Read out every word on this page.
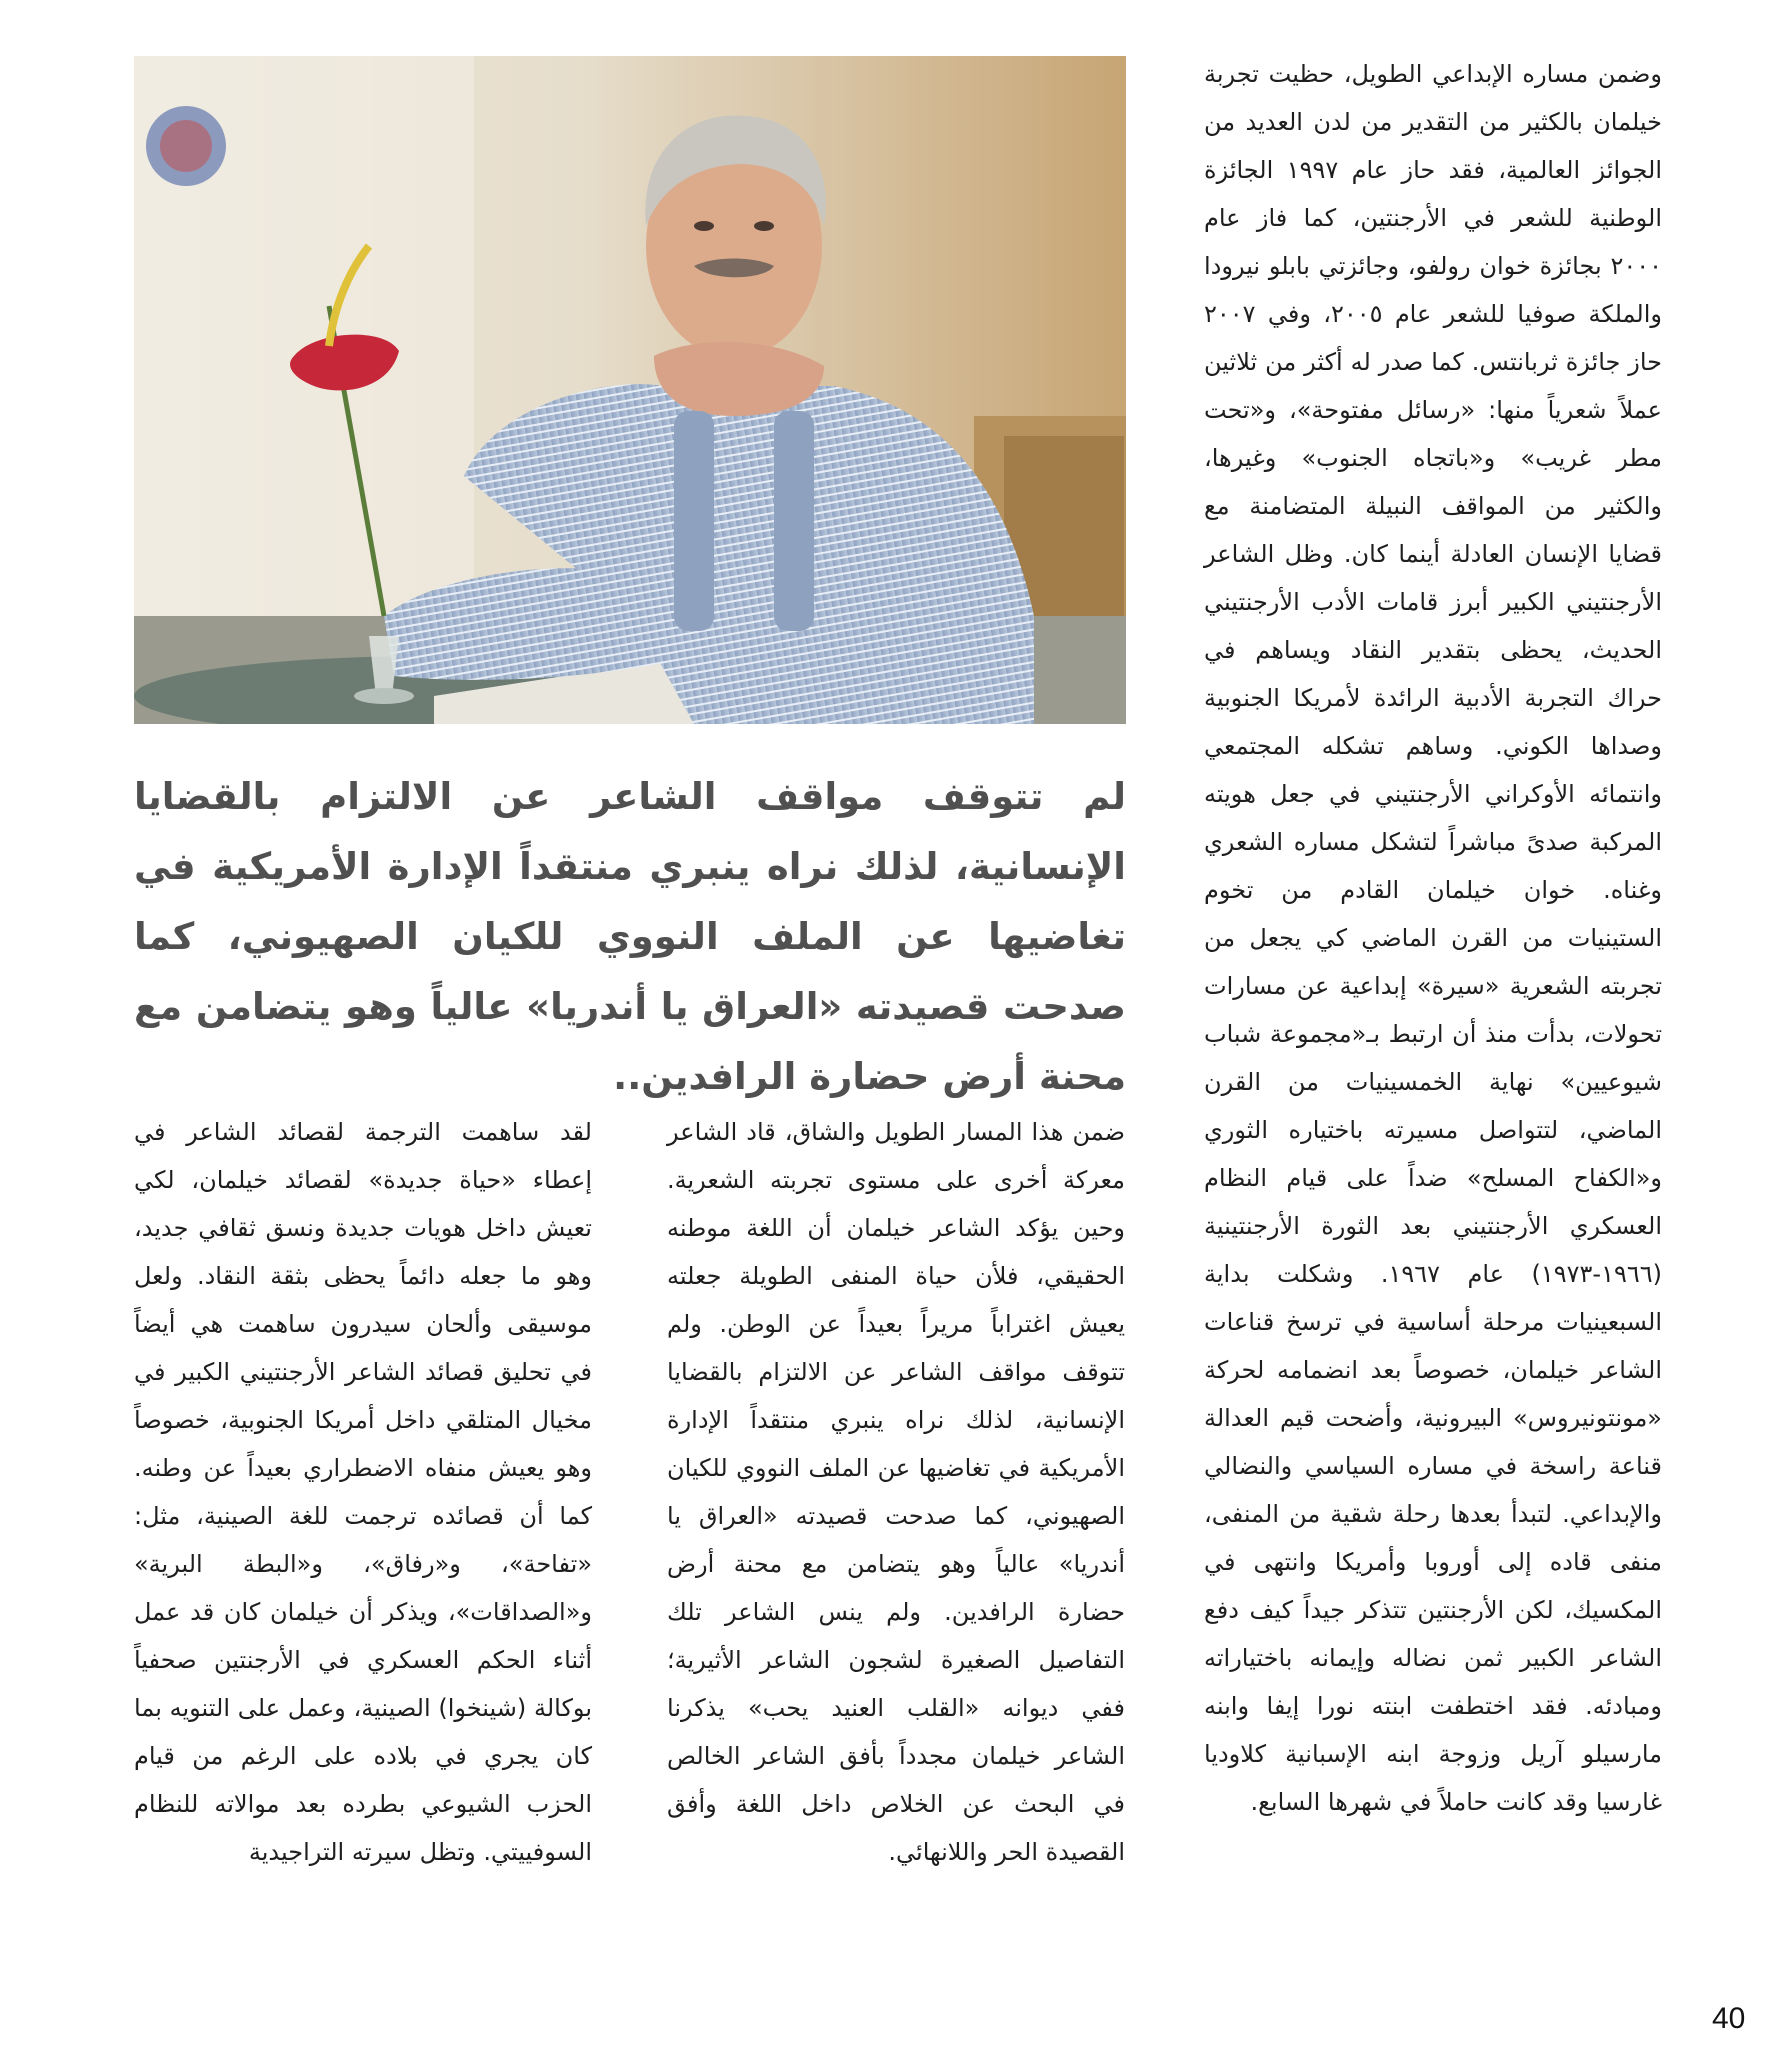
وضمن مساره الإبداعي الطويل، حظيت تجربة خيلمان بالكثير من التقدير من لدن العديد من الجوائز العالمية، فقد حاز عام ١٩٩٧ الجائزة الوطنية للشعر في الأرجنتين، كما فاز عام ٢٠٠٠ بجائزة خوان رولفو، وجائزتي بابلو نيرودا والملكة صوفيا للشعر عام ٢٠٠٥، وفي ٢٠٠٧ حاز جائزة ثربانتس. كما صدر له أكثر من ثلاثين عملاً شعرياً منها: «رسائل مفتوحة»، و«تحت مطر غريب» و«باتجاه الجنوب» وغيرها، والكثير من المواقف النبيلة المتضامنة مع قضايا الإنسان العادلة أينما كان. وظل الشاعر الأرجنتيني الكبير أبرز قامات الأدب الأرجنتيني الحديث، يحظى بتقدير النقاد ويساهم في حراك التجربة الأدبية الرائدة لأمريكا الجنوبية وصداها الكوني. وساهم تشكله المجتمعي وانتمائه الأوكراني الأرجنتيني في جعل هويته المركبة صدىً مباشراً لتشكل مساره الشعري وغناه. خوان خيلمان القادم من تخوم الستينيات من القرن الماضي كي يجعل من تجربته الشعرية «سيرة» إبداعية عن مسارات تحولات، بدأت منذ أن ارتبط بـ«مجموعة شباب شيوعيين» نهاية الخمسينيات من القرن الماضي، لتتواصل مسيرته باختياره الثوري و«الكفاح المسلح» ضداً على قيام النظام العسكري الأرجنتيني بعد الثورة الأرجنتينية (١٩٦٦-١٩٧٣) عام ١٩٦٧. وشكلت بداية السبعينيات مرحلة أساسية في ترسخ قناعات الشاعر خيلمان، خصوصاً بعد انضمامه لحركة «مونتونيروس» البيرونية، وأضحت قيم العدالة قناعة راسخة في مساره السياسي والنضالي والإبداعي. لتبدأ بعدها رحلة شقية من المنفى، منفى قاده إلى أوروبا وأمريكا وانتهى في المكسيك، لكن الأرجنتين تتذكر جيداً كيف دفع الشاعر الكبير ثمن نضاله وإيمانه باختياراته ومبادئه. فقد اختطفت ابنته نورا إيفا وابنه مارسيلو آريل وزوجة ابنه الإسبانية كلاوديا غارسيا وقد كانت حاملاً في شهرها السابع.
لم تتوقف مواقف الشاعر عن الالتزام بالقضايا الإنسانية، لذلك نراه ينبري منتقداً الإدارة الأمريكية في تغاضيها عن الملف النووي للكيان الصهيوني، كما صدحت قصيدته «العراق يا أندريا» عالياً وهو يتضامن مع محنة أرض حضارة الرافدين..
ضمن هذا المسار الطويل والشاق، قاد الشاعر معركة أخرى على مستوى تجربته الشعرية. وحين يؤكد الشاعر خيلمان أن اللغة موطنه الحقيقي، فلأن حياة المنفى الطويلة جعلته يعيش اغتراباً مريراً بعيداً عن الوطن. ولم تتوقف مواقف الشاعر عن الالتزام بالقضايا الإنسانية، لذلك نراه ينبري منتقداً الإدارة الأمريكية في تغاضيها عن الملف النووي للكيان الصهيوني، كما صدحت قصيدته «العراق يا أندريا» عالياً وهو يتضامن مع محنة أرض حضارة الرافدين. ولم ينس الشاعر تلك التفاصيل الصغيرة لشجون الشاعر الأثيرية؛ ففي ديوانه «القلب العنيد يحب» يذكرنا الشاعر خيلمان مجدداً بأفق الشاعر الخالص في البحث عن الخلاص داخل اللغة وأفق القصيدة الحر واللانهائي.
لقد ساهمت الترجمة لقصائد الشاعر في إعطاء «حياة جديدة» لقصائد خيلمان، لكي تعيش داخل هويات جديدة ونسق ثقافي جديد، وهو ما جعله دائماً يحظى بثقة النقاد. ولعل موسيقى وألحان سيدرون ساهمت هي أيضاً في تحليق قصائد الشاعر الأرجنتيني الكبير في مخيال المتلقي داخل أمريكا الجنوبية، خصوصاً وهو يعيش منفاه الاضطراري بعيداً عن وطنه. كما أن قصائده ترجمت للغة الصينية، مثل: «تفاحة»، و«رفاق»، و«البطة البرية» و«الصداقات»، ويذكر أن خيلمان كان قد عمل أثناء الحكم العسكري في الأرجنتين صحفياً بوكالة (شينخوا) الصينية، وعمل على التنويه بما كان يجري في بلاده على الرغم من قيام الحزب الشيوعي بطرده بعد موالاته للنظام السوفييتي. وتظل سيرته التراجيدية
40
